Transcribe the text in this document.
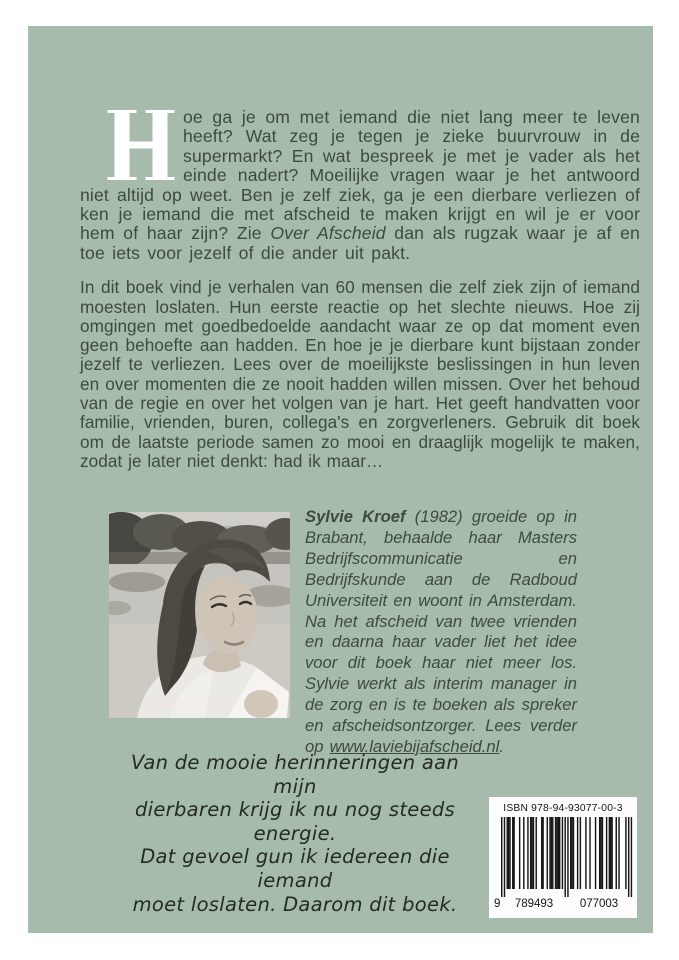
oe ga je om met iemand die niet lang meer te leven heeft? Wat zeg je tegen je zieke buurvrouw in de supermarkt? En wat bespreek je met je vader als het einde nadert? Moeilijke vragen waar je het antwoord niet altijd op weet. Ben je zelf ziek, ga je een dierbare verliezen of ken je iemand die met afscheid te maken krijgt en wil je er voor hem of haar zijn? Zie Over Afscheid dan als rugzak waar je af en toe iets voor jezelf of die ander uit pakt.

In dit boek vind je verhalen van 60 mensen die zelf ziek zijn of iemand moesten loslaten. Hun eerste reactie op het slechte nieuws. Hoe zij omgingen met goedbedoelde aandacht waar ze op dat moment even geen behoefte aan hadden. En hoe je je dierbare kunt bijstaan zonder jezelf te verliezen. Lees over de moeilijkste beslissingen in hun leven en over momenten die ze nooit hadden willen missen. Over het behoud van de regie en over het volgen van je hart. Het geeft handvatten voor familie, vrienden, buren, collega's en zorgverleners. Gebruik dit boek om de laatste periode samen zo mooi en draaglijk mogelijk te maken, zodat je later niet denkt: had ik maar…

Sylvie Kroef (1982) groeide op in Brabant, behaalde haar Masters Bedrijfscommunicatie en Bedrijfskunde aan de Radboud Universiteit en woont in Amsterdam. Na het afscheid van twee vrienden en daarna haar vader liet het idee voor dit boek haar niet meer los. Sylvie werkt als interim manager in de zorg en is te boeken als spreker en afscheidsontzorger. Lees verder op www.laviebijafscheid.nl.
Van de mooie herinneringen aan mijn
dierbaren krijg ik nu nog steeds energie.
Dat gevoel gun ik iedereen die iemand
moet loslaten. Daarom dit boek.
ISBN 978-94-93077-00-3
9 789493 077003
